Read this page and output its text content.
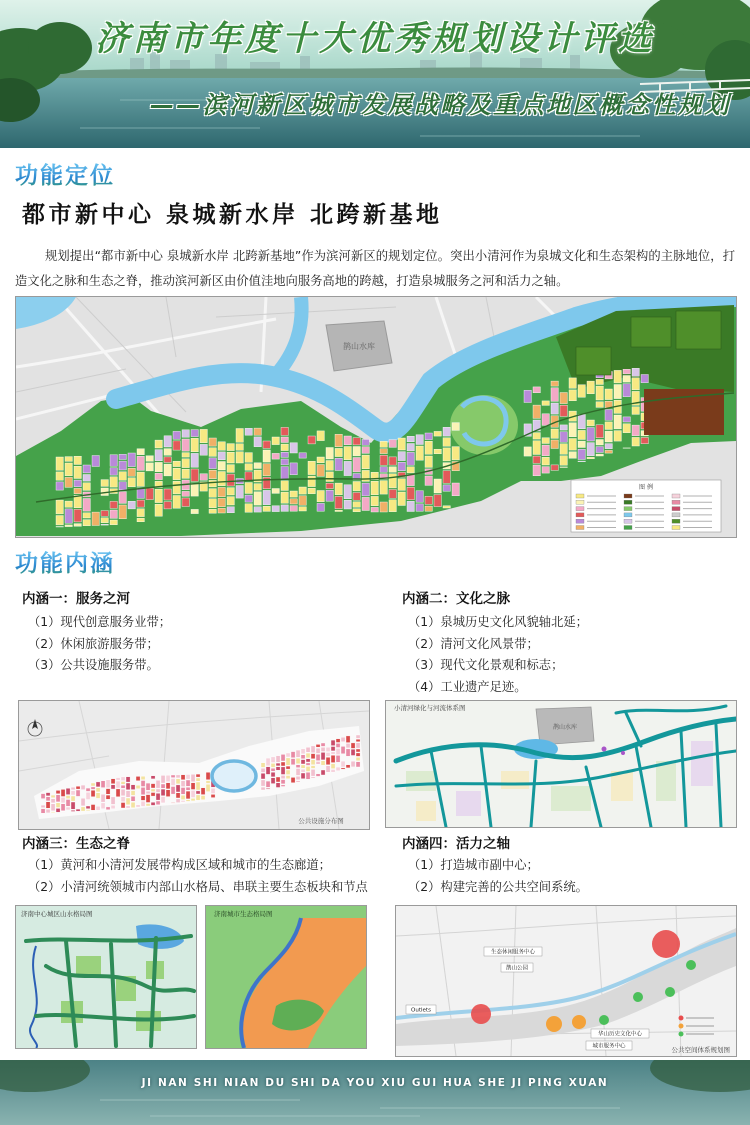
济南市年度十大优秀规划设计评选
——滨河新区城市发展战略及重点地区概念性规划
功能定位
都市新中心 泉城新水岸 北跨新基地
规划提出“都市新中心 泉城新水岸 北跨新基地”作为滨河新区的规划定位。突出小清河作为泉城文化和生态架构的主脉地位，打造文化之脉和生态之脊，推动滨河新区由价值洼地向服务高地的跨越，打造泉城服务之河和活力之轴。
鹊山水库
图 例
功能内涵
内涵一：服务之河
（1）现代创意服务业带；
（2）休闲旅游服务带；
（3）公共设施服务带。
内涵二：文化之脉
（1）泉城历史文化风貌轴北延；
（2）清河文化风景带；
（3）现代文化景观和标志；
（4）工业遗产足迹。
公共设施分布图
鹊山水库
小清河绿化与河流体系图
内涵三：生态之脊
（1）黄河和小清河发展带构成区域和城市的生态廊道；
（2）小清河统领城市内部山水格局、串联主要生态板块和节点
内涵四：活力之轴
（1）打造城市副中心；
（2）构建完善的公共空间系统。
济南中心城区山水格局图	济南城市生态格局图
生态休闲服务中心
鹊山公园
Outlets
华山历史文化中心
城市服务中心	公共空间体系规划图
JI NAN SHI NIAN DU SHI DA YOU XIU GUI HUA SHE JI PING XUAN
